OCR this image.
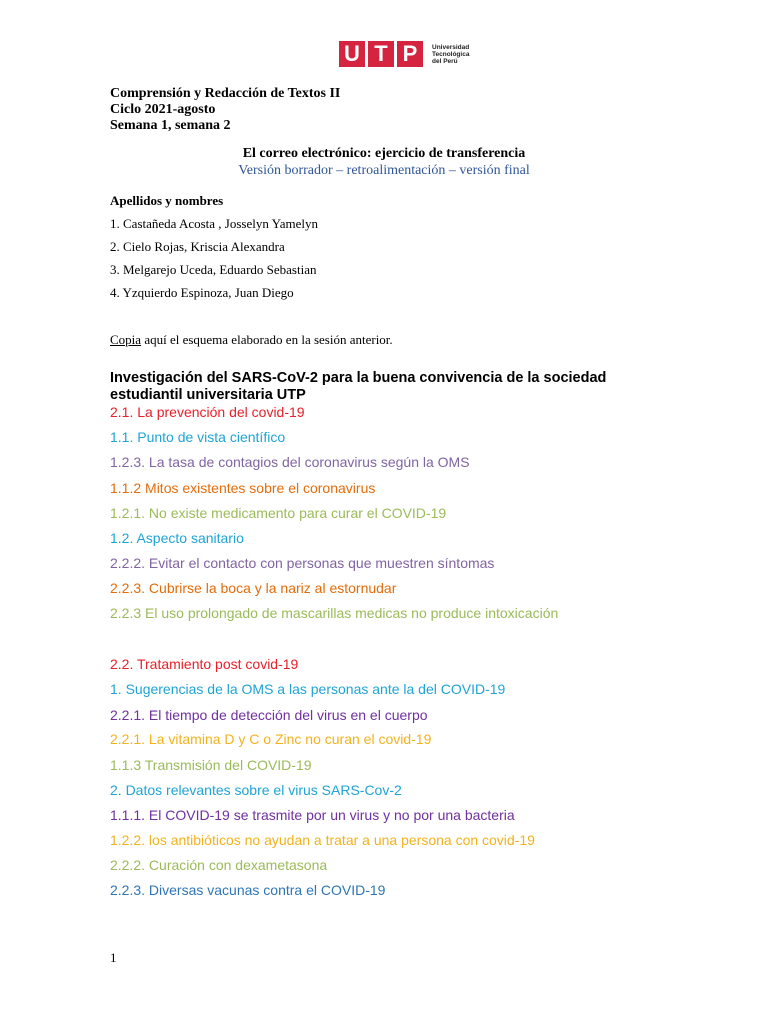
U T P	Universidad
Tecnológica
del Perú
Comprensión y Redacción de Textos II
Ciclo 2021-agosto
Semana 1, semana 2
El correo electrónico: ejercicio de transferencia
Versión borrador – retroalimentación – versión final
Apellidos y nombres
1. Castañeda Acosta , Josselyn Yamelyn
2. Cielo Rojas, Kriscia Alexandra
3. Melgarejo Uceda, Eduardo Sebastian
4. Yzquierdo Espinoza, Juan Diego
Copia aquí el esquema elaborado en la sesión anterior.
Investigación del SARS-CoV-2 para la buena convivencia de la sociedad estudiantil universitaria UTP
2.1. La prevención del covid-19
1.1. Punto de vista científico
1.2.3. La tasa de contagios del coronavirus según la OMS
1.1.2 Mitos existentes sobre el coronavirus
1.2.1. No existe medicamento para curar el COVID-19
1.2. Aspecto sanitario
2.2.2. Evitar el contacto con personas que muestren síntomas
2.2.3. Cubrirse la boca y la nariz al estornudar
2.2.3 El uso prolongado de mascarillas medicas no produce intoxicación
2.2. Tratamiento post covid-19
1. Sugerencias de la OMS a las personas ante la del COVID-19
2.2.1. El tiempo de detección del virus en el cuerpo
2.2.1. La vitamina D y C o Zinc no curan el covid-19
1.1.3 Transmisión del COVID-19
2. Datos relevantes sobre el virus SARS-Cov-2
1.1.1. El COVID-19 se trasmite por un virus y no por una bacteria
1.2.2. los antibióticos no ayudan a tratar a una persona con covid-19
2.2.2. Curación con dexametasona
2.2.3. Diversas vacunas contra el COVID-19
1
